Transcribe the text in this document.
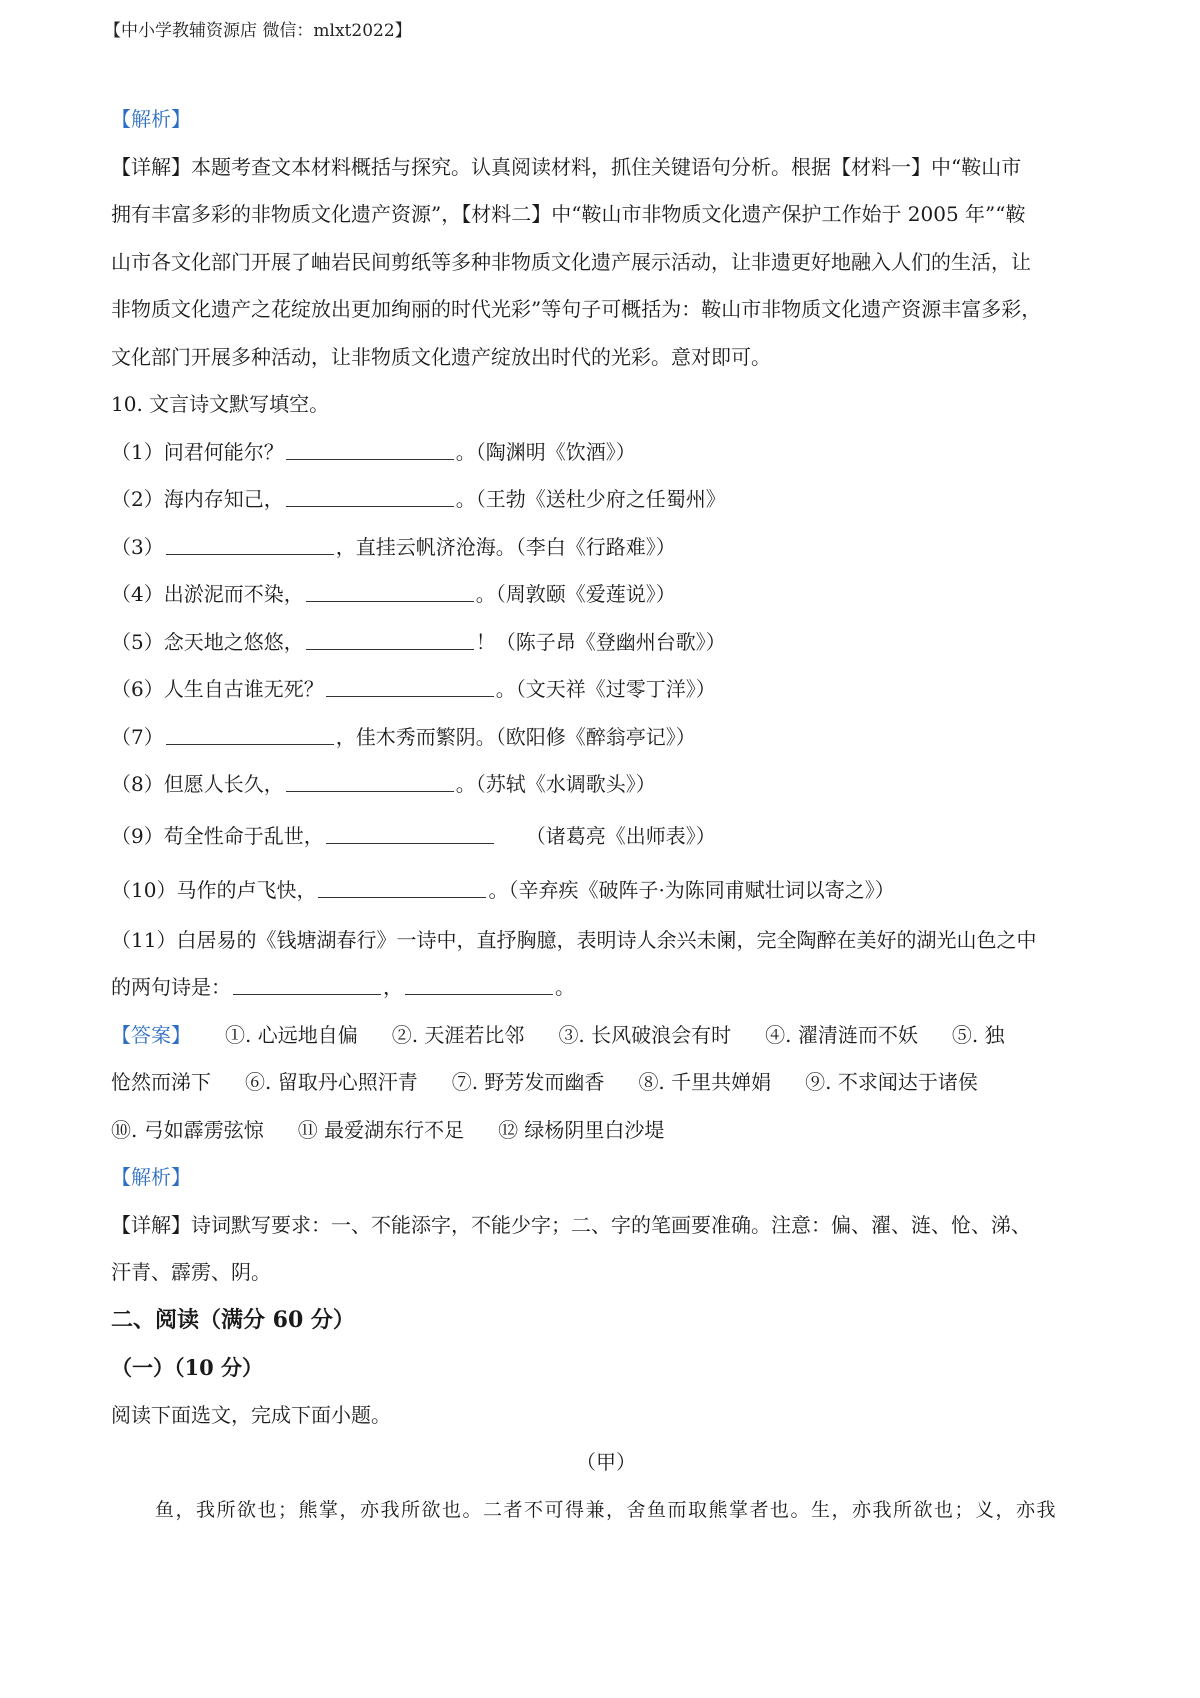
【中小学教辅资源店 微信：mlxt2022】
【解析】
【详解】本题考查文本材料概括与探究。认真阅读材料，抓住关键语句分析。根据【材料一】中“鞍山市
拥有丰富多彩的非物质文化遗产资源”，【材料二】中“鞍山市非物质文化遗产保护工作始于 2005 年”“鞍
山市各文化部门开展了岫岩民间剪纸等多种非物质文化遗产展示活动，让非遗更好地融入人们的生活，让
非物质文化遗产之花绽放出更加绚丽的时代光彩”等句子可概括为：鞍山市非物质文化遗产资源丰富多彩，
文化部门开展多种活动，让非物质文化遗产绽放出时代的光彩。意对即可。
10. 文言诗文默写填空。
（1）问君何能尔？	。（陶渊明《饮酒》）
（2）海内存知己，	。（王勃《送杜少府之任蜀州》
（3）	，直挂云帆济沧海。（李白《行路难》）
（4）出淤泥而不染，	。（周敦颐《爱莲说》）
（5）念天地之悠悠，	！（陈子昂《登幽州台歌》）
（6）人生自古谁无死？	。（文天祥《过零丁洋》）
（7）	，佳木秀而繁阴。（欧阳修《醉翁亭记》）
（8）但愿人长久，	。（苏轼《水调歌头》）
（9）苟全性命于乱世，	（诸葛亮《出师表》）
（10）马作的卢飞快，	。（辛弃疾《破阵子·为陈同甫赋壮词以寄之》）
（11）白居易的《钱塘湖春行》一诗中，直抒胸臆，表明诗人余兴未阑，完全陶醉在美好的湖光山色之中
的两句诗是：	，	。
【答案】 ①. 心远地自偏 ②. 天涯若比邻 ③. 长风破浪会有时 ④. 濯清涟而不妖 ⑤. 独
怆然而涕下 ⑥. 留取丹心照汗青 ⑦. 野芳发而幽香 ⑧. 千里共婵娟 ⑨. 不求闻达于诸侯
⑩. 弓如霹雳弦惊 ⑪ 最爱湖东行不足 ⑫ 绿杨阴里白沙堤
【解析】
【详解】诗词默写要求：一、不能添字，不能少字；二、字的笔画要准确。注意：偏、濯、涟、怆、涕、
汗青、霹雳、阴。
二、阅读（满分 60 分）
（一）（10 分）
阅读下面选文，完成下面小题。
（甲）
鱼，我所欲也；熊掌，亦我所欲也。二者不可得兼，舍鱼而取熊掌者也。生，亦我所欲也；义，亦我
